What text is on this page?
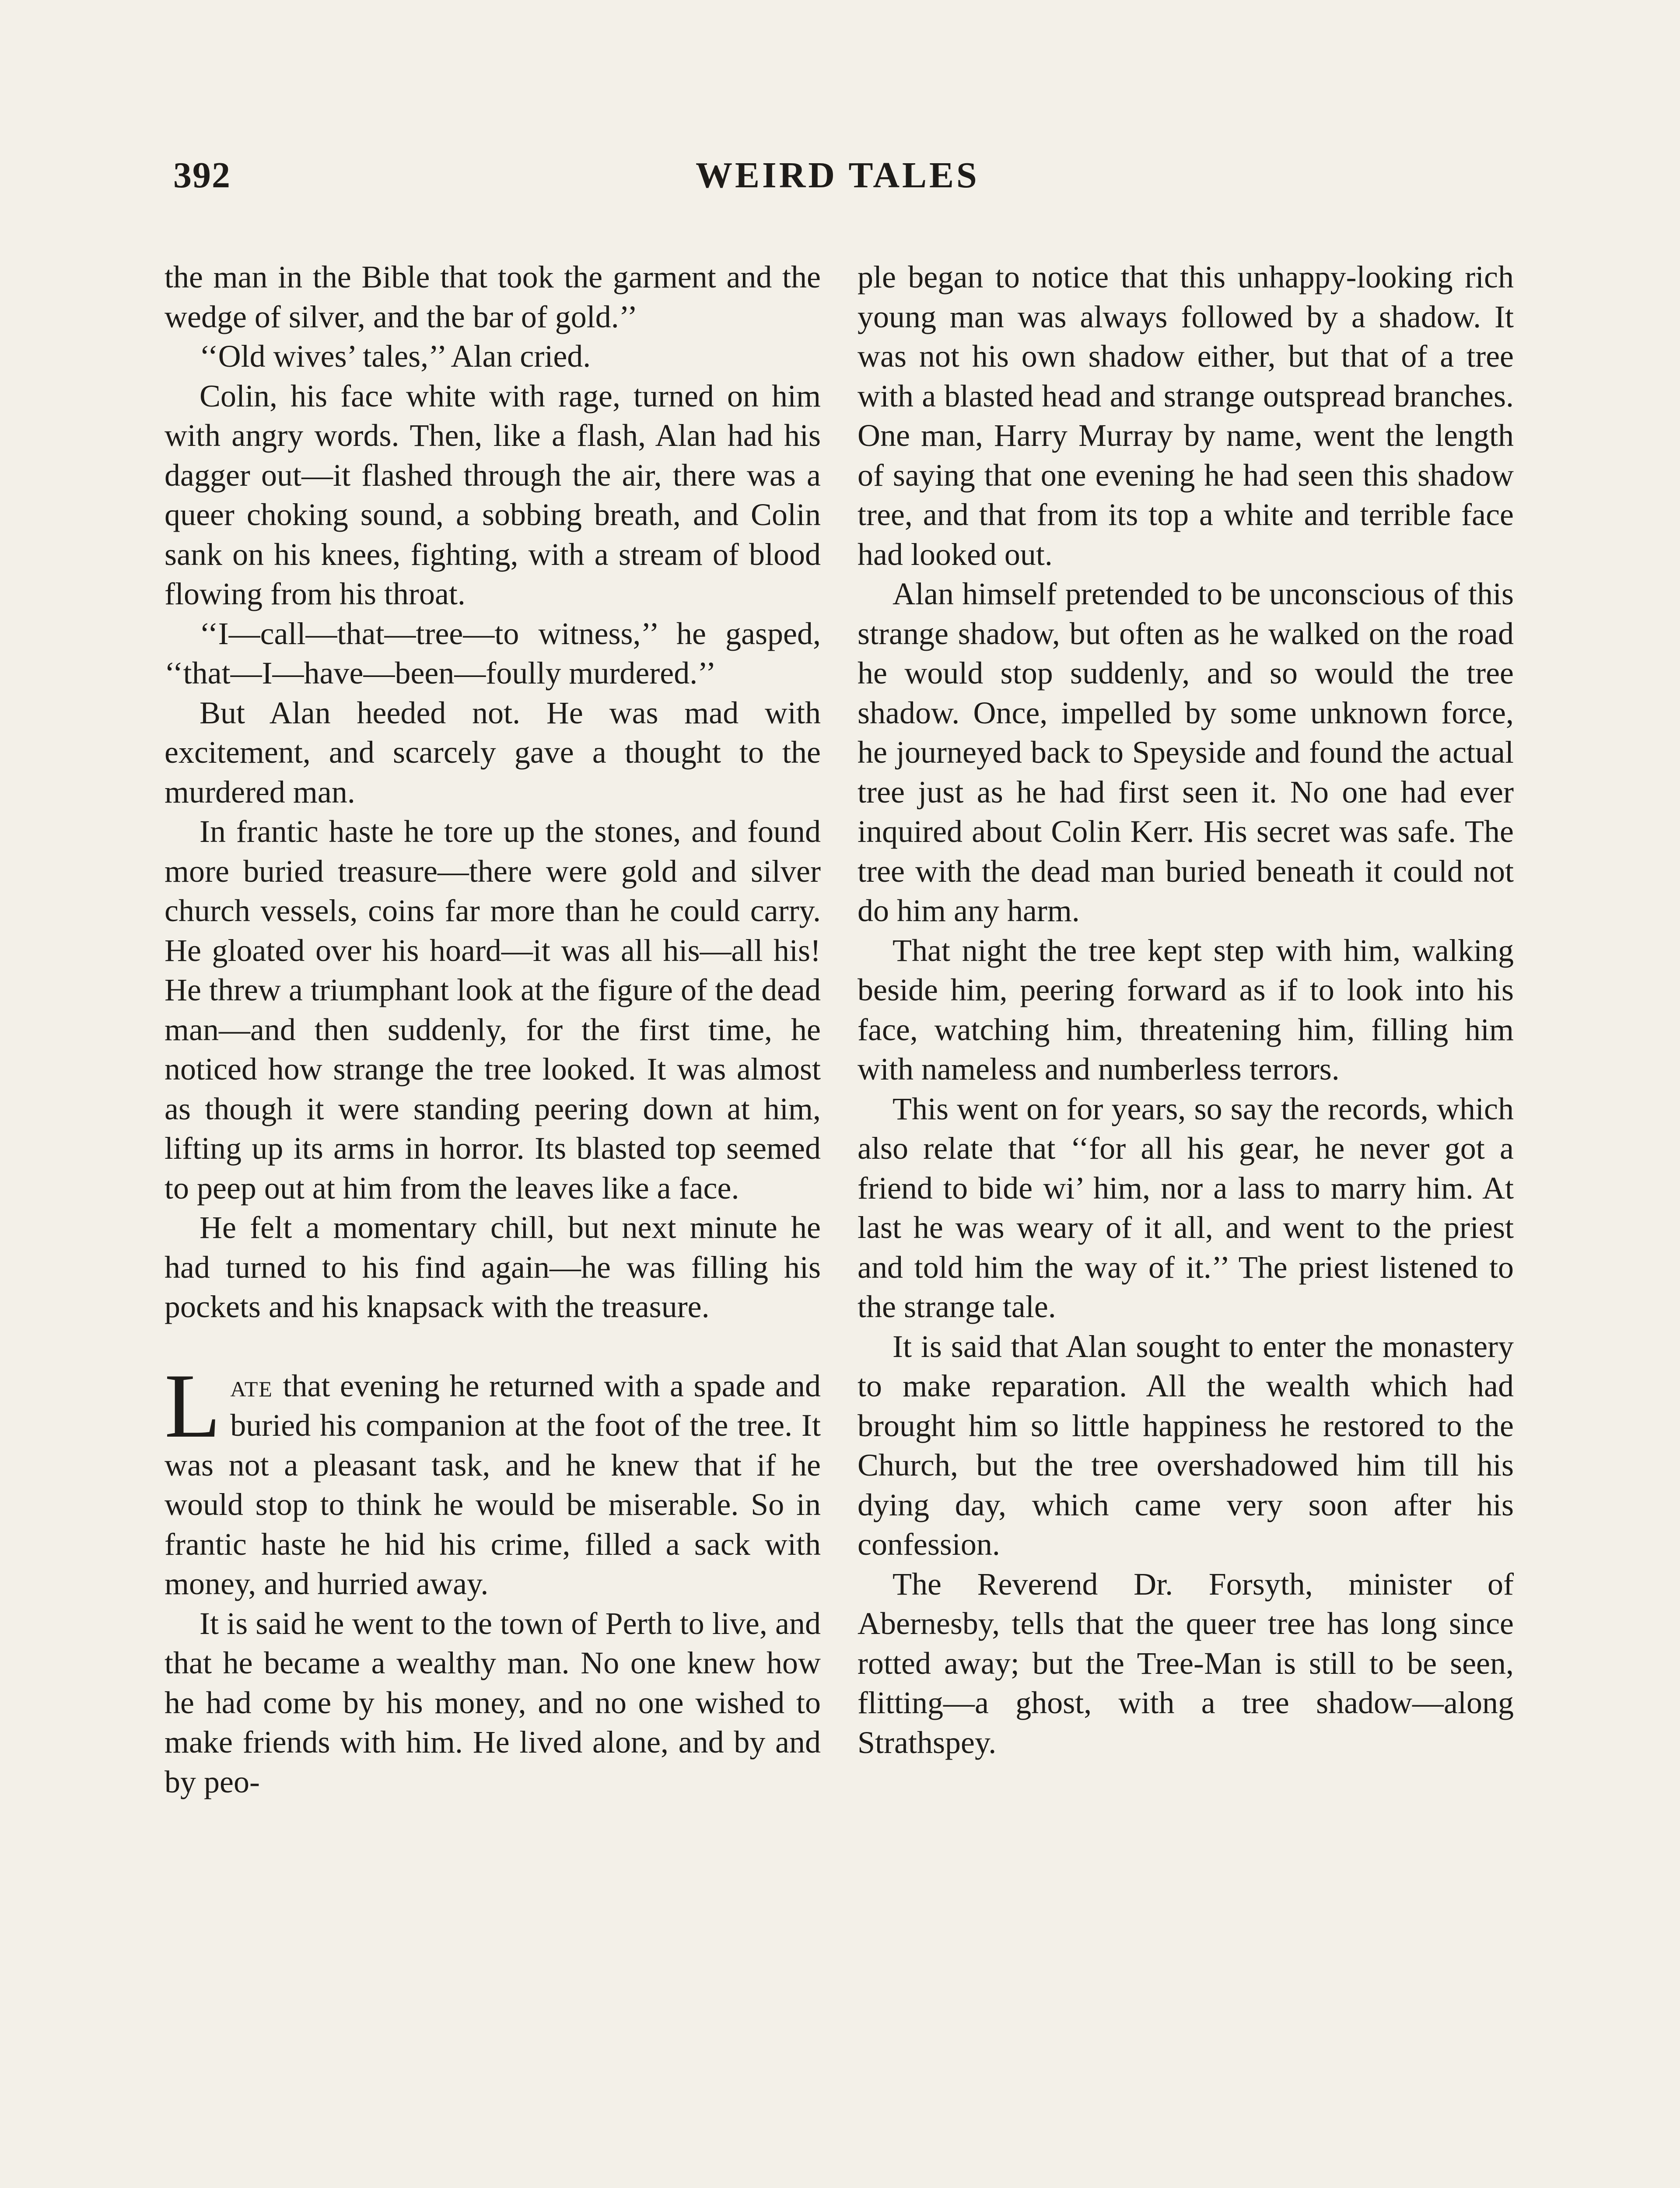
392	WEIRD TALES

the man in the Bible that took the garment and the wedge of silver, and the bar of gold.’’

‘‘Old wives’ tales,’’ Alan cried.

Colin, his face white with rage, turned on him with angry words. Then, like a flash, Alan had his dagger out—it flashed through the air, there was a queer choking sound, a sobbing breath, and Colin sank on his knees, fighting, with a stream of blood flowing from his throat.

‘‘I—call—that—tree—to witness,’’ he gasped, ‘‘that—I—have—been—foully murdered.’’

But Alan heeded not. He was mad with excitement, and scarcely gave a thought to the murdered man.

In frantic haste he tore up the stones, and found more buried treasure—there were gold and silver church vessels, coins far more than he could carry. He gloated over his hoard—it was all his—all his! He threw a triumphant look at the figure of the dead man—and then suddenly, for the first time, he noticed how strange the tree looked. It was almost as though it were standing peering down at him, lifting up its arms in horror. Its blasted top seemed to peep out at him from the leaves like a face.

He felt a momentary chill, but next minute he had turned to his find again—he was filling his pockets and his knapsack with the treasure.

Late that evening he returned with a spade and buried his companion at the foot of the tree. It was not a pleasant task, and he knew that if he would stop to think he would be miserable. So in frantic haste he hid his crime, filled a sack with money, and hurried away.

It is said he went to the town of Perth to live, and that he became a wealthy man. No one knew how he had come by his money, and no one wished to make friends with him. He lived alone, and by and by peo-

ple began to notice that this unhappy-looking rich young man was always followed by a shadow. It was not his own shadow either, but that of a tree with a blasted head and strange outspread branches. One man, Harry Murray by name, went the length of saying that one evening he had seen this shadow tree, and that from its top a white and terrible face had looked out.

Alan himself pretended to be unconscious of this strange shadow, but often as he walked on the road he would stop suddenly, and so would the tree shadow. Once, impelled by some unknown force, he journeyed back to Speyside and found the actual tree just as he had first seen it. No one had ever inquired about Colin Kerr. His secret was safe. The tree with the dead man buried beneath it could not do him any harm.

That night the tree kept step with him, walking beside him, peering forward as if to look into his face, watching him, threatening him, filling him with nameless and numberless terrors.

This went on for years, so say the records, which also relate that ‘‘for all his gear, he never got a friend to bide wi’ him, nor a lass to marry him. At last he was weary of it all, and went to the priest and told him the way of it.’’ The priest listened to the strange tale.

It is said that Alan sought to enter the monastery to make reparation. All the wealth which had brought him so little happiness he restored to the Church, but the tree overshadowed him till his dying day, which came very soon after his confession.

The Reverend Dr. Forsyth, minister of Abernesby, tells that the queer tree has long since rotted away; but the Tree-Man is still to be seen, flitting—a ghost, with a tree shadow—along Strathspey.
